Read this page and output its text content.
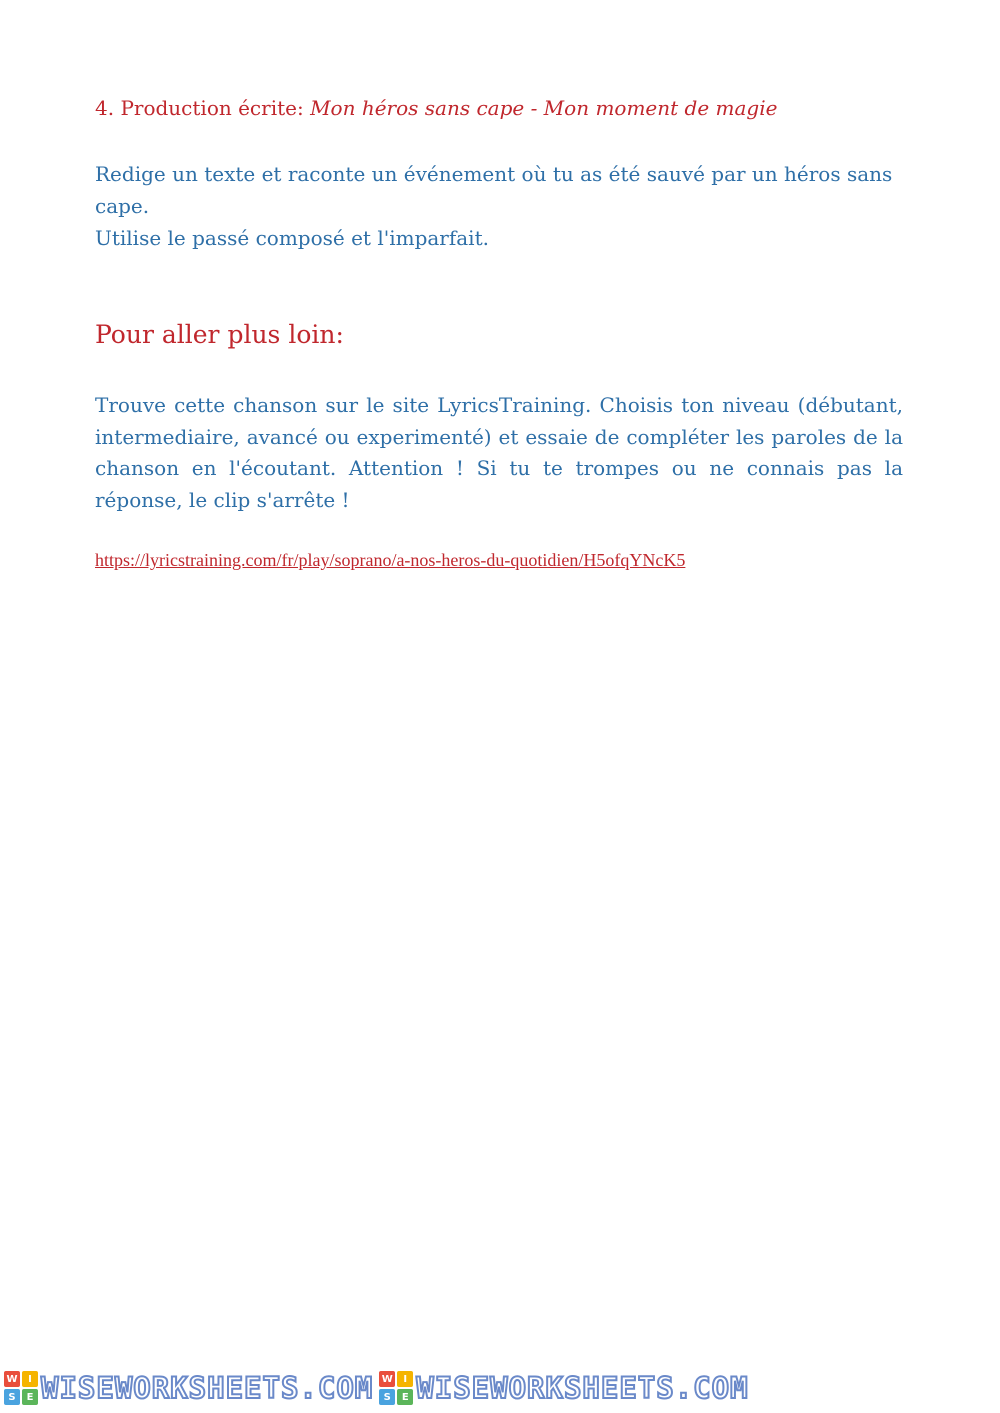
4. Production écrite: Mon héros sans cape - Mon moment de magie

Redige un texte et raconte un événement où tu as été sauvé par un héros sans cape.

Utilise le passé composé et l'imparfait.

Pour aller plus loin:

Trouve cette chanson sur le site LyricsTraining. Choisis ton niveau (débutant, intermediaire, avancé ou experimenté) et essaie de compléter les paroles de la chanson en l'écoutant. Attention ! Si tu te trompes ou ne connais pas la réponse, le clip s'arrête !

https://lyricstraining.com/fr/play/soprano/a-nos-heros-du-quotidien/H5ofqYNcK5
W	I
S	E WISEWORKSHEETS.COM W	I
S	E WISEWORKSHEETS.COM
